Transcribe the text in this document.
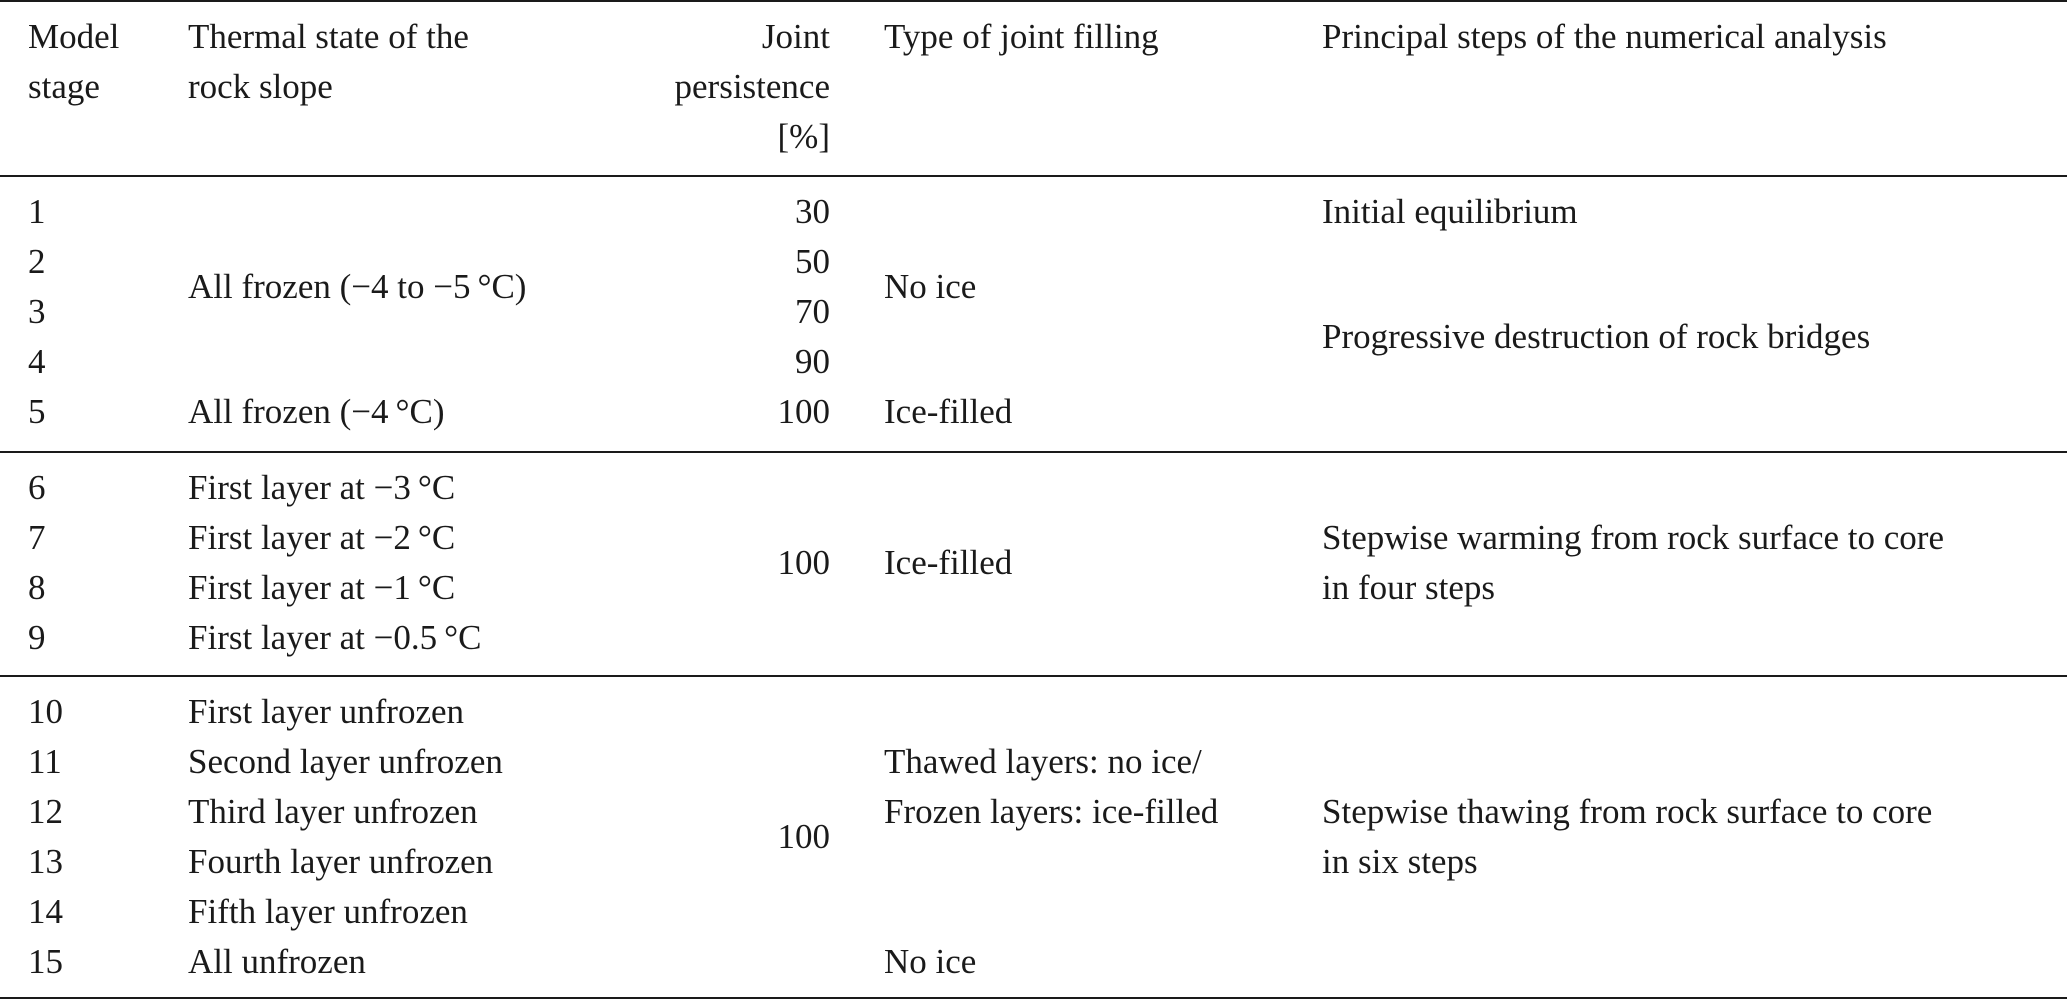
Model
stage
Thermal state of the
rock slope
Joint
persistence
[%]
Type of joint filling	Principal steps of the numerical analysis
1
2
3
4
5
All frozen (−4 to −5 °C)
All frozen (−4 °C)
30
50
70
90
100
No ice
Ice-filled
Initial equilibrium
Progressive destruction of rock bridges
6
7
8
9
First layer at −3 °C
First layer at −2 °C
First layer at −1 °C
First layer at −0.5 °C
100 Ice-filled
Stepwise warming from rock surface to core
in four steps
10
11
12
13
14
15
First layer unfrozen
Second layer unfrozen
Third layer unfrozen
Fourth layer unfrozen
Fifth layer unfrozen
All unfrozen
100
Thawed layers: no ice/
Frozen layers: ice-filled
No ice
Stepwise thawing from rock surface to core
in six steps
